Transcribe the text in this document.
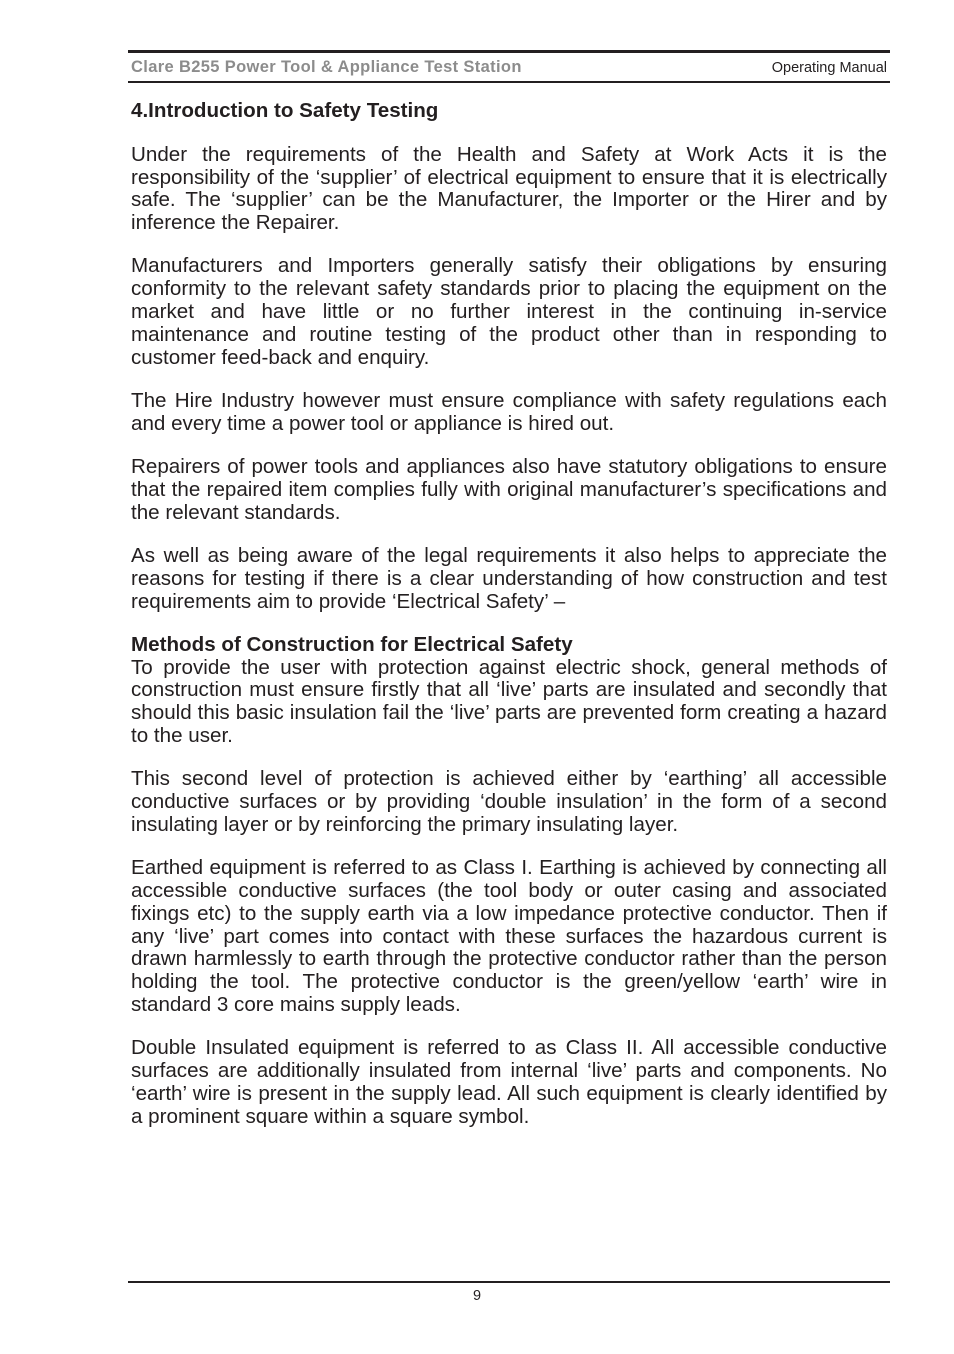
Clare B255 Power Tool & Appliance Test Station	Operating Manual
4.Introduction to Safety Testing

Under the requirements of the Health and Safety at Work Acts it is the responsibility of the ‘supplier’ of electrical equipment to ensure that it is electrically safe. The ‘supplier’ can be the Manufacturer, the Importer or the Hirer and by inference the Repairer.

Manufacturers and Importers generally satisfy their obligations by ensuring conformity to the relevant safety standards prior to placing the equipment on the market and have little or no further interest in the continuing in-service maintenance and routine testing of the product other than in responding to customer feed-back and enquiry.

The Hire Industry however must ensure compliance with safety regulations each and every time a power tool or appliance is hired out.

Repairers of power tools and appliances also have statutory obligations to ensure that the repaired item complies fully with original manufacturer’s specifications and the relevant standards.

As well as being aware of the legal requirements it also helps to appreciate the reasons for testing if there is a clear understanding of how construction and test requirements aim to provide ‘Electrical Safety’ –

Methods of Construction for Electrical Safety

To provide the user with protection against electric shock, general methods of construction must ensure firstly that all ‘live’ parts are insulated and secondly that should this basic insulation fail the ‘live’ parts are prevented form creating a hazard to the user.

This second level of protection is achieved either by ‘earthing’ all accessible conductive surfaces or by providing ‘double insulation’ in the form of a second insulating layer or by reinforcing the primary insulating layer.

Earthed equipment is referred to as Class I. Earthing is achieved by connecting all accessible conductive surfaces (the tool body or outer casing and associated fixings etc) to the supply earth via a low impedance protective conductor. Then if any ‘live’ part comes into contact with these surfaces the hazardous current is drawn harmlessly to earth through the protective conductor rather than the person holding the tool. The protective conductor is the green/yellow ‘earth’ wire in standard 3 core mains supply leads.

Double Insulated equipment is referred to as Class II. All accessible conductive surfaces are additionally insulated from internal ‘live’ parts and components. No ‘earth’ wire is present in the supply lead. All such equipment is clearly identified by a prominent square within a square symbol.

9
